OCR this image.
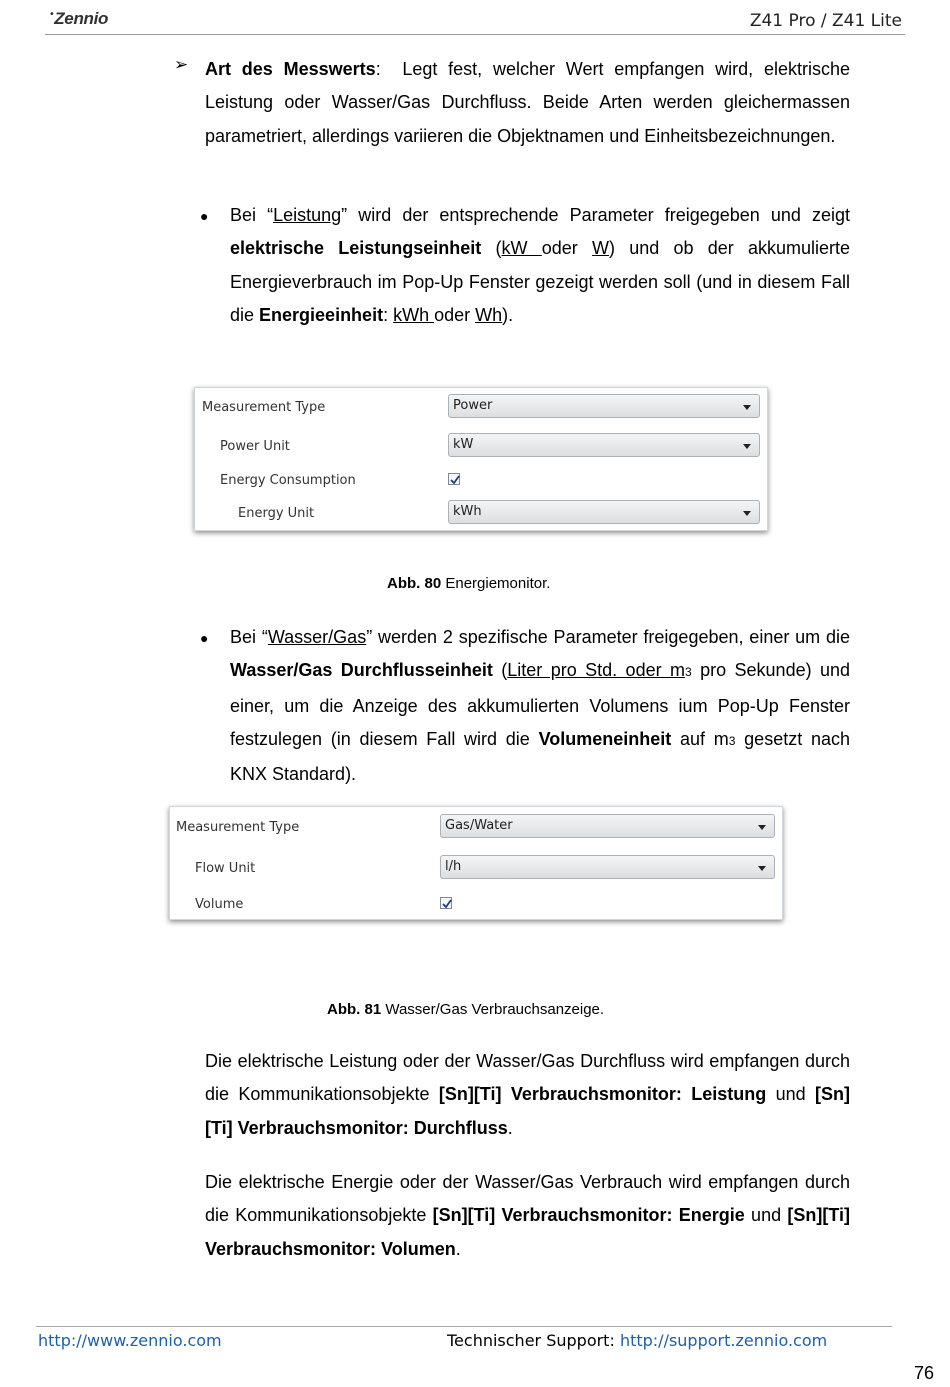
•Zennio	Z41 Pro / Z41 Lite
➢ Art des Messwerts:  Legt fest, welcher Wert empfangen wird, elektrische Leistung oder Wasser/Gas Durchfluss. Beide Arten werden gleichermassen parametriert, allerdings variieren die Objektnamen und Einheitsbezeichnungen.
● Bei “Leistung” wird der entsprechende Parameter freigegeben und zeigt elektrische Leistungseinheit (kW oder W) und ob der akkumulierte Energieverbrauch im Pop-Up Fenster gezeigt werden soll (und in diesem Fall die Energieeinheit: kWh oder Wh).
Measurement Type	Power
Power Unit	kW
Energy Consumption
Energy Unit	kWh
Abb. 80 Energiemonitor.
● Bei “Wasser/Gas” werden 2 spezifische Parameter freigegeben, einer um die Wasser/Gas Durchflusseinheit (Liter pro Std. oder m3 pro Sekunde) und einer, um die Anzeige des akkumulierten Volumens ium Pop-Up Fenster festzulegen (in diesem Fall wird die Volumeneinheit auf m3 gesetzt nach KNX Standard).
Measurement Type	Gas/Water
Flow Unit	l/h
Volume
Abb. 81 Wasser/Gas Verbrauchsanzeige.
Die elektrische Leistung oder der Wasser/Gas Durchfluss wird empfangen durch die Kommunikationsobjekte [Sn][Ti] Verbrauchsmonitor: Leistung und [Sn][Ti] Verbrauchsmonitor: Durchfluss.
Die elektrische Energie oder der Wasser/Gas Verbrauch wird empfangen durch die Kommunikationsobjekte [Sn][Ti] Verbrauchsmonitor: Energie und [Sn][Ti] Verbrauchsmonitor: Volumen.
http://www.zennio.com	Technischer Support: http://support.zennio.com
76
